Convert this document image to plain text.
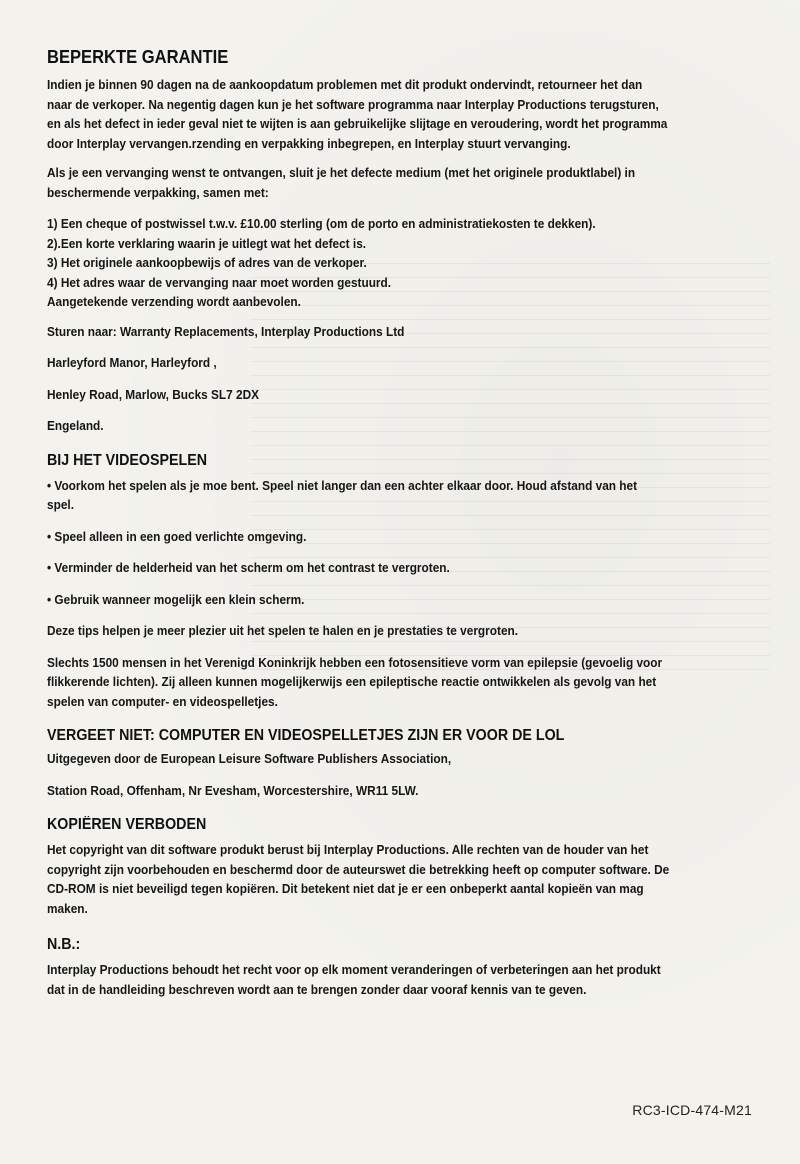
BEPERKTE GARANTIE

Indien je binnen 90 dagen na de aankoopdatum problemen met dit produkt ondervindt, retourneer het dan

naar de verkoper. Na negentig dagen kun je het software programma naar Interplay Productions terugsturen,

en als het defect in ieder geval niet te wijten is aan gebruikelijke slijtage en veroudering, wordt het programma

door Interplay vervangen.rzending en verpakking inbegrepen, en Interplay stuurt vervanging.

Als je een vervanging wenst te ontvangen, sluit je het defecte medium (met het originele produktlabel) in

beschermende verpakking, samen met:

1) Een cheque of postwissel t.w.v. £10.00 sterling (om de porto en administratiekosten te dekken).

2).Een korte verklaring waarin je uitlegt wat het defect is.

3) Het originele aankoopbewijs of adres van de verkoper.

4) Het adres waar de vervanging naar moet worden gestuurd.

Aangetekende verzending wordt aanbevolen.

Sturen naar: Warranty Replacements, Interplay Productions Ltd

Harleyford Manor, Harleyford ,

Henley Road, Marlow, Bucks SL7 2DX

Engeland.

BIJ HET VIDEOSPELEN

• Voorkom het spelen als je moe bent. Speel niet langer dan een achter elkaar door. Houd afstand van het

spel.

• Speel alleen in een goed verlichte omgeving.

• Verminder de helderheid van het scherm om het contrast te vergroten.

• Gebruik wanneer mogelijk een klein scherm.

Deze tips helpen je meer plezier uit het spelen te halen en je prestaties te vergroten.

Slechts 1500 mensen in het Verenigd Koninkrijk hebben een fotosensitieve vorm van epilepsie (gevoelig voor

flikkerende lichten). Zij alleen kunnen mogelijkerwijs een epileptische reactie ontwikkelen als gevolg van het

spelen van computer- en videospelletjes.

VERGEET NIET: COMPUTER EN VIDEOSPELLETJES ZIJN ER VOOR DE LOL

Uitgegeven door de European Leisure Software Publishers Association,

Station Road, Offenham, Nr Evesham, Worcestershire, WR11 5LW.

KOPIËREN VERBODEN

Het copyright van dit software produkt berust bij Interplay Productions. Alle rechten van de houder van het

copyright zijn voorbehouden en beschermd door de auteurswet die betrekking heeft op computer software. De

CD-ROM is niet beveiligd tegen kopiëren. Dit betekent niet dat je er een onbeperkt aantal kopieën van mag

maken.

N.B.:

Interplay Productions behoudt het recht voor op elk moment veranderingen of verbeteringen aan het produkt

dat in de handleiding beschreven wordt aan te brengen zonder daar vooraf kennis van te geven.

RC3-ICD-474-M21
